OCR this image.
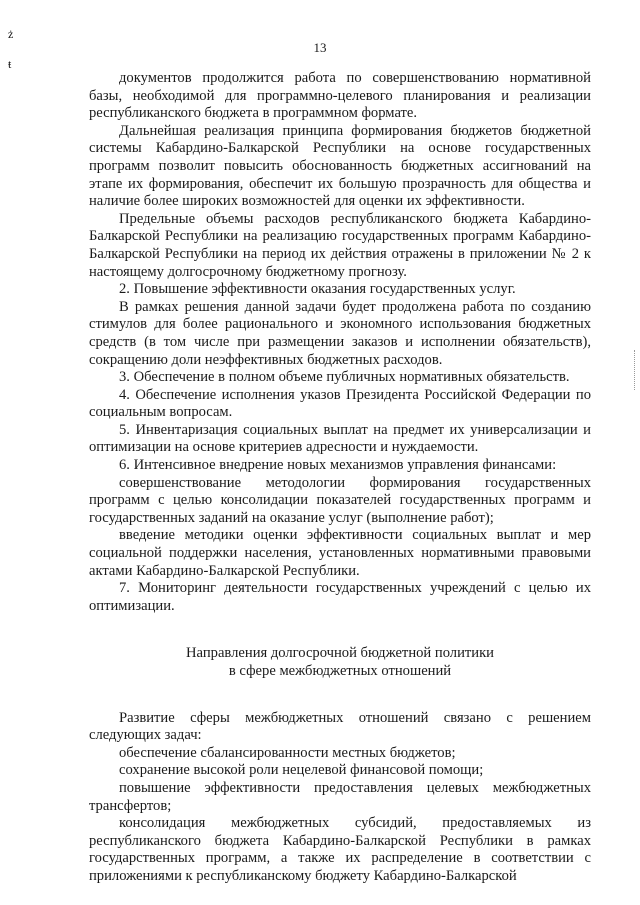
13
ż
ŧ

документов продолжится работа по совершенствованию нормативной базы, необходимой для программно-целевого планирования и реализации республиканского бюджета в программном формате.

Дальнейшая реализация принципа формирования бюджетов бюджетной системы Кабардино-Балкарской Республики на основе государственных программ позволит повысить обоснованность бюджетных ассигнований на этапе их формирования, обеспечит их большую прозрачность для общества и наличие более широких возможностей для оценки их эффективности.

Предельные объемы расходов республиканского бюджета Кабардино-Балкарской Республики на реализацию государственных программ Кабардино-Балкарской Республики на период их действия отражены в приложении № 2 к настоящему долгосрочному бюджетному прогнозу.

2. Повышение эффективности оказания государственных услуг.

В рамках решения данной задачи будет продолжена работа по созданию стимулов для более рационального и экономного использования бюджетных средств (в том числе при размещении заказов и исполнении обязательств), сокращению доли неэффективных бюджетных расходов.

3. Обеспечение в полном объеме публичных нормативных обязательств.

4. Обеспечение исполнения указов Президента Российской Федерации по социальным вопросам.

5. Инвентаризация социальных выплат на предмет их универсализации и оптимизации на основе критериев адресности и нуждаемости.

6. Интенсивное внедрение новых механизмов управления финансами:

совершенствование методологии формирования государственных программ с целью консолидации показателей государственных программ и государственных заданий на оказание услуг (выполнение работ);

введение методики оценки эффективности социальных выплат и мер социальной поддержки населения, установленных нормативными правовыми актами Кабардино-Балкарской Республики.

7. Мониторинг деятельности государственных учреждений с целью их оптимизации.

Направления долгосрочной бюджетной политики
в сфере межбюджетных отношений

Развитие сферы межбюджетных отношений связано с решением следующих задач:

обеспечение сбалансированности местных бюджетов;

сохранение высокой роли нецелевой финансовой помощи;

повышение эффективности предоставления целевых межбюджетных трансфертов;

консолидация межбюджетных субсидий, предоставляемых из республиканского бюджета Кабардино-Балкарской Республики в рамках государственных программ, а также их распределение в соответствии с приложениями к республиканскому бюджету Кабардино-Балкарской
